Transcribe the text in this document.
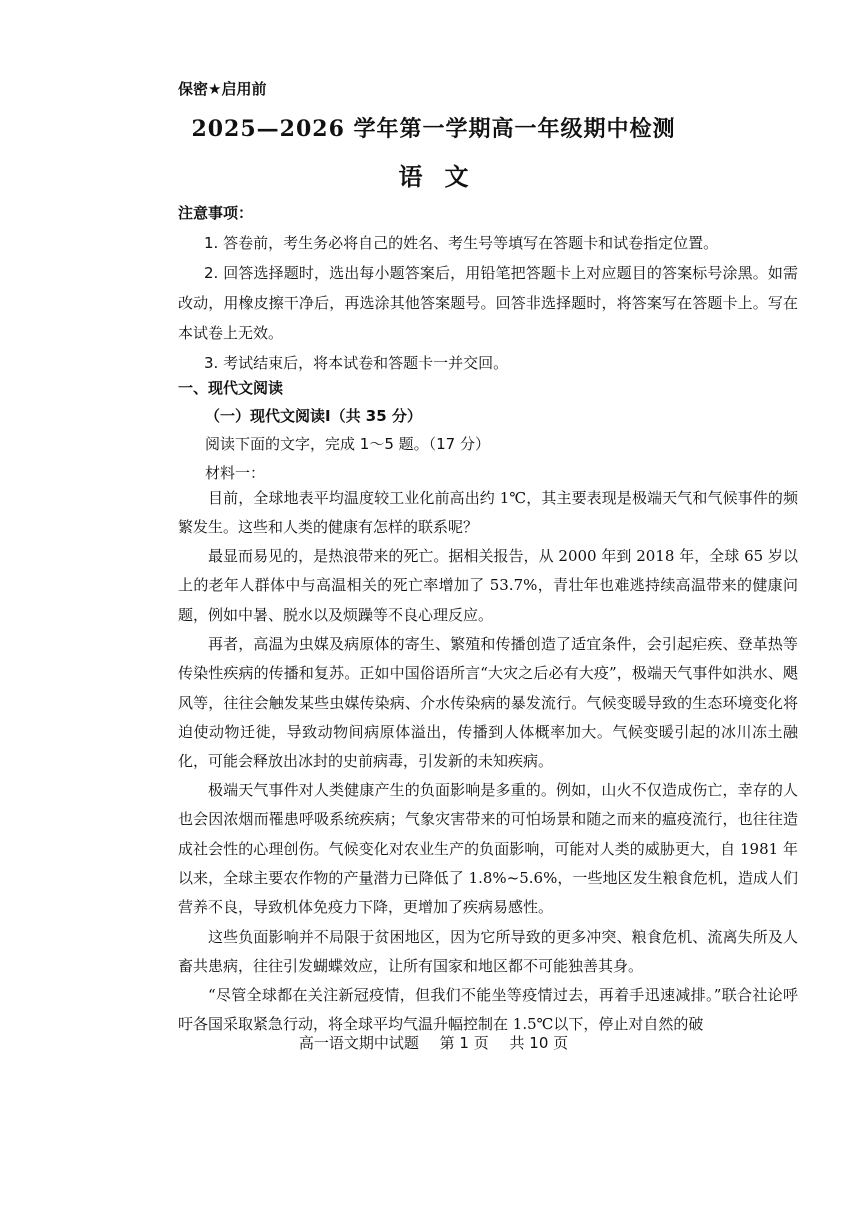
保密★启用前
2025—2026 学年第一学期高一年级期中检测
语文
注意事项：
1. 答卷前，考生务必将自己的姓名、考生号等填写在答题卡和试卷指定位置。
2. 回答选择题时，选出每小题答案后，用铅笔把答题卡上对应题目的答案标号涂黑。如需改动，用橡皮擦干净后，再选涂其他答案题号。回答非选择题时，将答案写在答题卡上。写在本试卷上无效。
3. 考试结束后，将本试卷和答题卡一并交回。
一、现代文阅读
（一）现代文阅读Ⅰ（共 35 分）
阅读下面的文字，完成 1～5 题。（17 分）
材料一：
目前，全球地表平均温度较工业化前高出约 1℃，其主要表现是极端天气和气候事件的频繁发生。这些和人类的健康有怎样的联系呢？
最显而易见的，是热浪带来的死亡。据相关报告，从 2000 年到 2018 年，全球 65 岁以上的老年人群体中与高温相关的死亡率增加了 53.7%，青壮年也难逃持续高温带来的健康问题，例如中暑、脱水以及烦躁等不良心理反应。
再者，高温为虫媒及病原体的寄生、繁殖和传播创造了适宜条件，会引起疟疾、登革热等传染性疾病的传播和复苏。正如中国俗语所言“大灾之后必有大疫”，极端天气事件如洪水、飓风等，往往会触发某些虫媒传染病、介水传染病的暴发流行。气候变暖导致的生态环境变化将迫使动物迁徙，导致动物间病原体溢出，传播到人体概率加大。气候变暖引起的冰川冻土融化，可能会释放出冰封的史前病毒，引发新的未知疾病。
极端天气事件对人类健康产生的负面影响是多重的。例如，山火不仅造成伤亡，幸存的人也会因浓烟而罹患呼吸系统疾病；气象灾害带来的可怕场景和随之而来的瘟疫流行，也往往造成社会性的心理创伤。气候变化对农业生产的负面影响，可能对人类的威胁更大，自 1981 年以来，全球主要农作物的产量潜力已降低了 1.8%~5.6%，一些地区发生粮食危机，造成人们营养不良，导致机体免疫力下降，更增加了疾病易感性。
这些负面影响并不局限于贫困地区，因为它所导致的更多冲突、粮食危机、流离失所及人畜共患病，往往引发蝴蝶效应，让所有国家和地区都不可能独善其身。
“尽管全球都在关注新冠疫情，但我们不能坐等疫情过去，再着手迅速减排。”联合社论呼吁各国采取紧急行动，将全球平均气温升幅控制在 1.5℃以下，停止对自然的破
高一语文期中试题 第 1 页 共 10 页
